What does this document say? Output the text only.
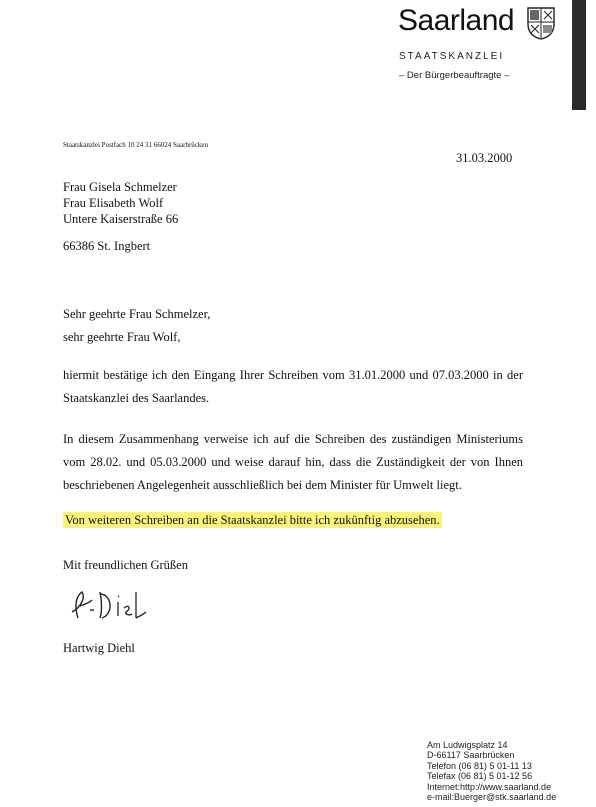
Saarland
STAATSKANZLEI
– Der Bürgerbeauftragte –
Staatskanzlei Postfach 10 24 31 66024 Saarbrücken
31.03.2000
Frau Gisela Schmelzer
Frau Elisabeth Wolf
Untere Kaiserstraße 66
66386 St. Ingbert
Sehr geehrte Frau Schmelzer,
sehr geehrte Frau Wolf,
hiermit bestätige ich den Eingang Ihrer Schreiben vom 31.01.2000 und 07.03.2000 in der Staatskanzlei des Saarlandes.
In diesem Zusammenhang verweise ich auf die Schreiben des zuständigen Ministeriums vom 28.02. und 05.03.2000 und weise darauf hin, dass die Zuständigkeit der von Ihnen beschriebenen Angelegenheit ausschließlich bei dem Minister für Umwelt liegt.
Von weiteren Schreiben an die Staatskanzlei bitte ich zukünftig abzusehen.
Mit freundlichen Grüßen
Hartwig Diehl
Am Ludwigsplatz 14
D-66117 Saarbrücken
Telefon (06 81) 5 01-11 13
Telefax (06 81) 5 01-12 56
Internet:http://www.saarland.de
e-mail:Buerger@stk.saarland.de
